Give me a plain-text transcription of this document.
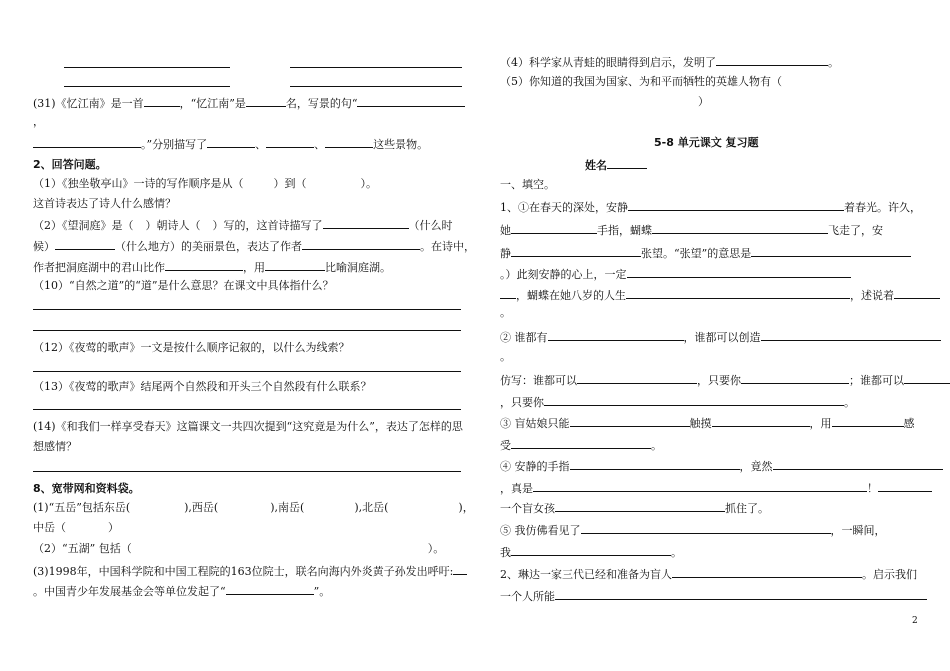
(31)《忆江南》是一首	，“忆江南”是	名，写景的句“
，
。”分别描写了	、	、	这些景物。
2、回答问题。
（1）《独坐敬亭山》一诗的写作顺序是从（	）到（	）。
这首诗表达了诗人什么感情？
（2）《望洞庭》是（ ）朝诗人（ ）写的，这首诗描写了	（什么时
候）	（什么地方）的美丽景色，表达了作者	。在诗中，
作者把洞庭湖中的君山比作	，用	比喻洞庭湖。
（10）“自然之道”的“道”是什么意思？在课文中具体指什么？
（12）《夜莺的歌声》一文是按什么顺序记叙的，以什么为线索？
（13）《夜莺的歌声》结尾两个自然段和开头三个自然段有什么联系？
(14)《和我们一样享受春天》这篇课文一共四次提到“这究竟是为什么”，表达了怎样的思
想感情？
8、宽带网和资料袋。
(1)“五岳”包括东岳(	),西岳(	),南岳(	),北岳(	)，
中岳（	）
（2）“五湖” 包括（	）。
(3)1998年，中国科学院和中国工程院的163位院士，联名向海内外炎黄子孙发出呼吁:
。中国青少年发展基金会等单位发起了“	”。
（4）科学家从青蛙的眼睛得到启示，发明了	。
（5）你知道的我国为国家、为和平而牺牲的英雄人物有（
）
5-8 单元课文 复习题
姓名
一、填空。
1、①在春天的深处，安静	着春光。许久，
她	手指，蝴蝶	飞走了，安
静	张望。“张望”的意思是
。）此刻安静的心上，一定
，蝴蝶在她八岁的人生	，述说着
。
② 谁都有	，谁都可以创造
。
仿写：谁都可以	，只要你	；谁都可以
，只要你	。
③ 盲姑娘只能	触摸	，用	感
受	。
④ 安静的手指	，竟然
，真是	！
一个盲女孩	抓住了。
⑤ 我仿佛看见了	，一瞬间，
我	。
2、琳达一家三代已经和准备为盲人	。启示我们
一个人所能
2
